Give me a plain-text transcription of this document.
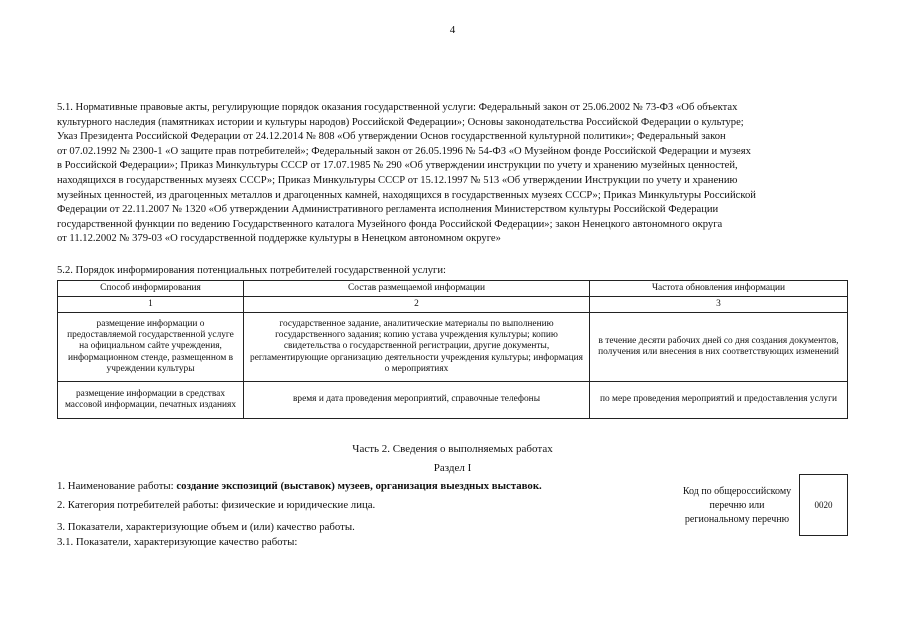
4
5.1. Нормативные правовые акты, регулирующие порядок оказания государственной услуги: Федеральный закон от 25.06.2002 № 73-ФЗ «Об объектах
культурного наследия (памятниках истории и культуры народов) Российской Федерации»; Основы законодательства Российской Федерации о культуре;
Указ Президента Российской Федерации от 24.12.2014 № 808 «Об утверждении Основ государственной культурной политики»; Федеральный закон
от 07.02.1992 № 2300-1 «О защите прав потребителей»; Федеральный закон от 26.05.1996 № 54-ФЗ «О Музейном фонде Российской Федерации и музеях
в Российской Федерации»; Приказ Минкультуры СССР от 17.07.1985 № 290 «Об утверждении инструкции по учету и хранению музейных ценностей,
находящихся в государственных музеях СССР»; Приказ Минкультуры СССР от 15.12.1997 № 513 «Об утверждении Инструкции по учету и хранению
музейных ценностей, из драгоценных металлов и драгоценных камней, находящихся в государственных музеях СССР»; Приказ Минкультуры Российской
Федерации от 22.11.2007 № 1320 «Об утверждении Административного регламента исполнения Министерством культуры Российской Федерации
государственной функции по ведению Государственного каталога Музейного фонда Российской Федерации»; закон Ненецкого автономного округа
от 11.12.2002 № 379-03 «О государственной поддержке культуры в Ненецком автономном округе»
5.2. Порядок информирования потенциальных потребителей государственной услуги:
Способ информирования	Состав размещаемой информации	Частота обновления информации
1	2	3
размещение информации о предоставляемой государственной услуге на официальном сайте учреждения, информационном стенде, размещенном в учреждении культуры	государственное задание, аналитические материалы по выполнению государственного задания; копию устава учреждения культуры; копию свидетельства о государственной регистрации, другие документы, регламентирующие организацию деятельности учреждения культуры; информация о мероприятиях	в течение десяти рабочих дней со дня создания документов, получения или внесения в них соответствующих изменений
размещение информации в средствах массовой информации, печатных изданиях	время и дата проведения мероприятий, справочные телефоны	по мере проведения мероприятий и предоставления услуги
Часть 2. Сведения о выполняемых работах
Раздел I
1. Наименование работы: создание экспозиций (выставок) музеев, организация выездных выставок.
2. Категория потребителей работы: физические и юридические лица.
3. Показатели, характеризующие объем и (или) качество работы.
3.1. Показатели, характеризующие качество работы:
Код по общероссийскому перечню или региональному перечню
0020
